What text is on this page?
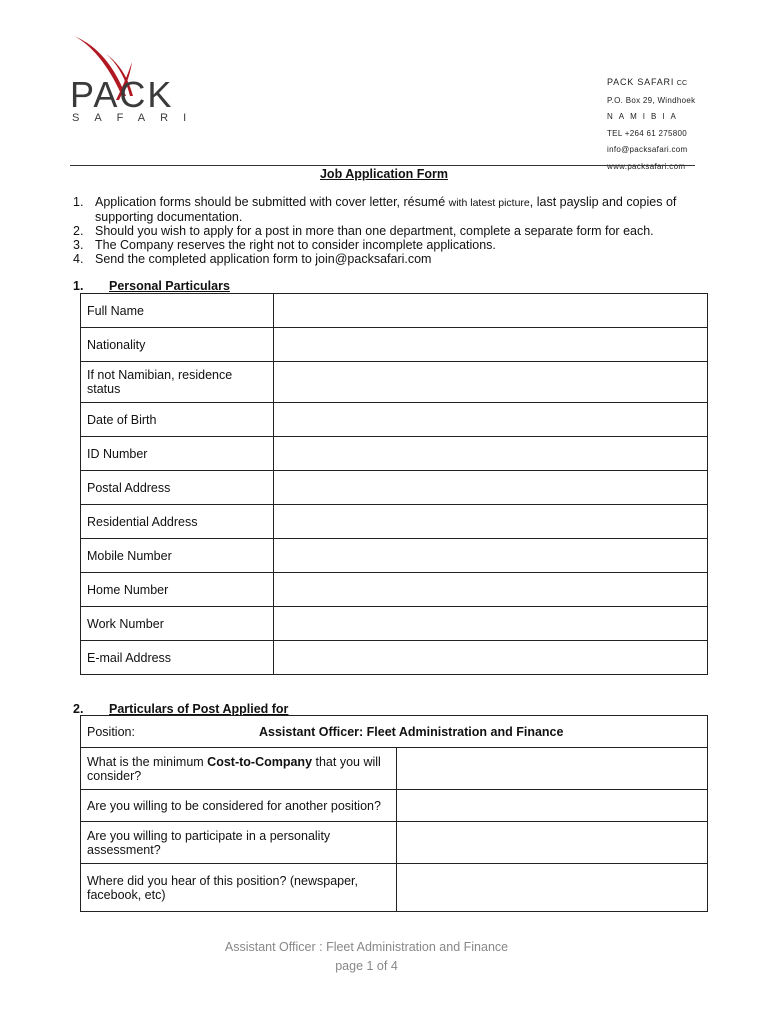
PACK
SAFARI
PACK SAFARI CC
P.O. Box 29, Windhoek
NAMIBIA
TEL +264 61 275800
info@packsafari.com
www.packsafari.com
Job Application Form
1. Application forms should be submitted with cover letter, résumé with latest picture, last payslip and copies of supporting documentation.
2. Should you wish to apply for a post in more than one department, complete a separate form for each.
3. The Company reserves the right not to consider incomplete applications.
4. Send the completed application form to join@packsafari.com
1. Personal Particulars
Full Name	
Nationality	
If not Namibian, residence status	
Date of Birth	
ID Number	
Postal Address	
Residential Address	
Mobile Number	
Home Number	
Work Number	
E-mail Address	
2. Particulars of Post Applied for
Position: Assistant Officer: Fleet Administration and Finance	
What is the minimum Cost-to-Company that you will consider?	
Are you willing to be considered for another position?	
Are you willing to participate in a personality assessment?	
Where did you hear of this position? (newspaper, facebook, etc)	
Assistant Officer : Fleet Administration and Finance
page 1 of 4
